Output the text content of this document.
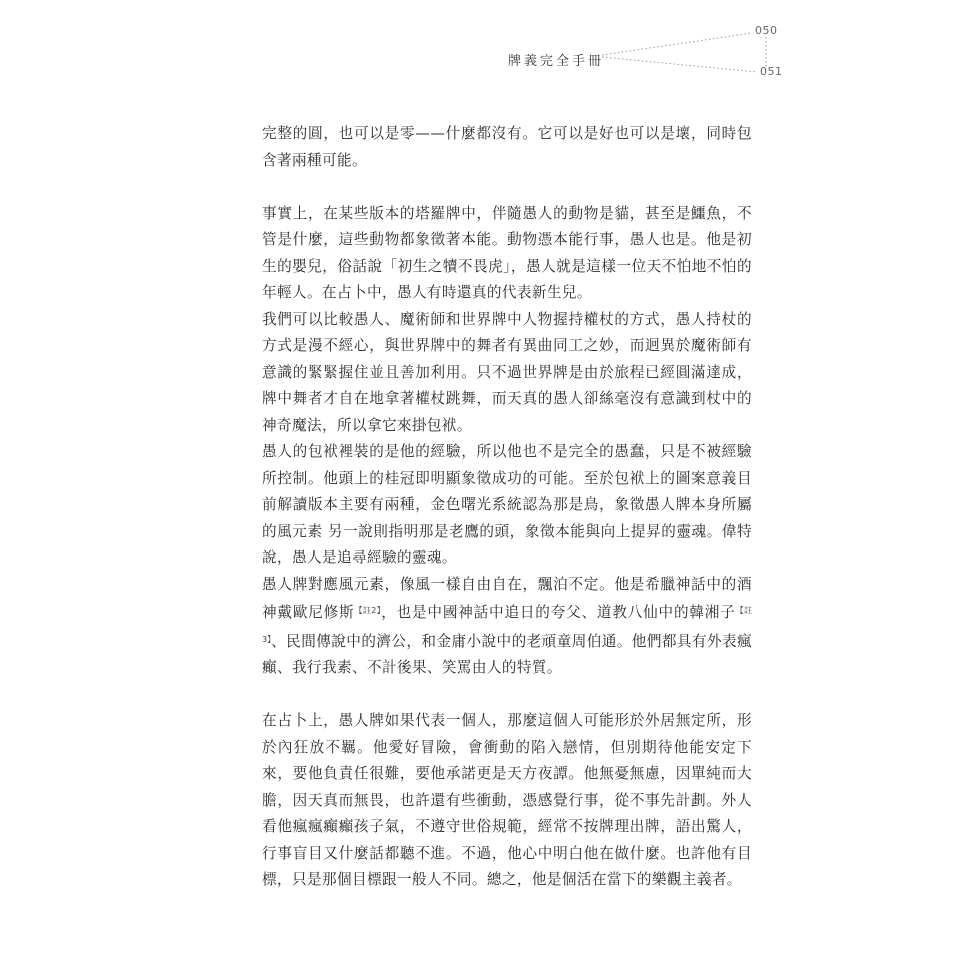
牌義完全手冊
050
051

完整的圓，也可以是零——什麼都沒有。它可以是好也可以是壞，同時包含著兩種可能。

事實上，在某些版本的塔羅牌中，伴隨愚人的動物是貓，甚至是鱷魚，不管是什麼，這些動物都象徵著本能。動物憑本能行事，愚人也是。他是初生的嬰兒，俗話說「初生之犢不畏虎」，愚人就是這樣一位天不怕地不怕的年輕人。在占卜中，愚人有時還真的代表新生兒。

我們可以比較愚人、魔術師和世界牌中人物握持權杖的方式，愚人持杖的方式是漫不經心，與世界牌中的舞者有異曲同工之妙，而迥異於魔術師有意識的緊緊握住並且善加利用。只不過世界牌是由於旅程已經圓滿達成，牌中舞者才自在地拿著權杖跳舞，而天真的愚人卻絲毫沒有意識到杖中的神奇魔法，所以拿它來掛包袱。

愚人的包袱裡裝的是他的經驗，所以他也不是完全的愚蠢，只是不被經驗所控制。他頭上的桂冠即明顯象徵成功的可能。至於包袱上的圖案意義目前解讀版本主要有兩種，金色曙光系統認為那是鳥，象徵愚人牌本身所屬的風元素 另一說則指明那是老鷹的頭，象徵本能與向上提昇的靈魂。偉特說，愚人是追尋經驗的靈魂。

愚人牌對應風元素，像風一樣自由自在，飄泊不定。他是希臘神話中的酒神戴歐尼修斯$^{【註2】}$，也是中國神話中追日的夸父、道教八仙中的韓湘子$^{【註3】}$、民間傳說中的濟公，和金庸小說中的老頑童周伯通。他們都具有外表瘋癲、我行我素、不計後果、笑罵由人的特質。

在占卜上，愚人牌如果代表一個人，那麼這個人可能形於外居無定所，形於內狂放不羈。他愛好冒險，會衝動的陷入戀情，但別期待他能安定下來，要他負責任很難，要他承諾更是天方夜譚。他無憂無慮，因單純而大膽，因天真而無畏，也許還有些衝動，憑感覺行事，從不事先計劃。外人看他瘋瘋癲癲孩子氣，不遵守世俗規範，經常不按牌理出牌，語出驚人，行事盲目又什麼話都聽不進。不過，他心中明白他在做什麼。也許他有目標，只是那個目標跟一般人不同。總之，他是個活在當下的樂觀主義者。
